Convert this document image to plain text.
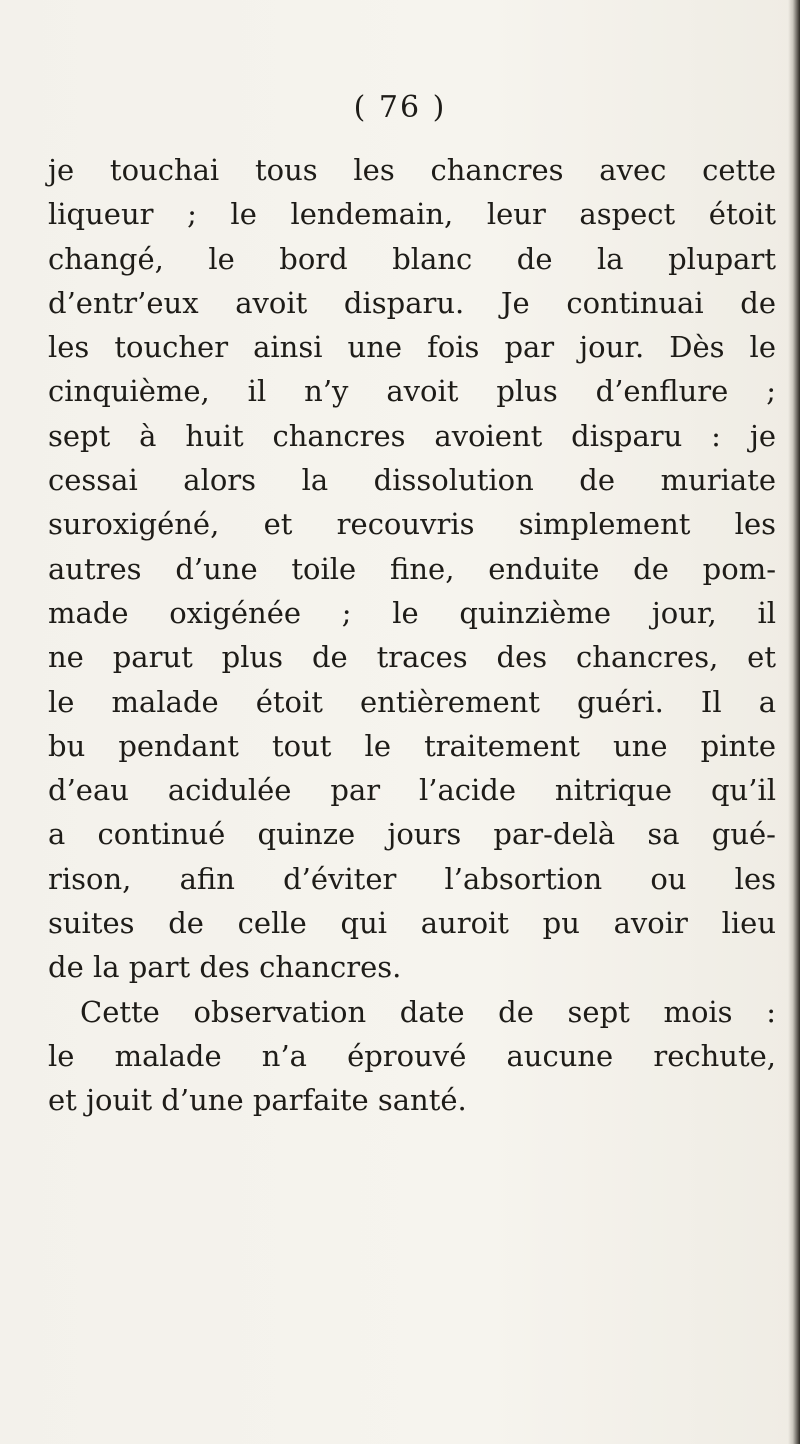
( 76 )
je touchai tous les chancres avec cette
liqueur ; le lendemain, leur aspect étoit
changé, le bord blanc de la plupart
d’entr’eux avoit disparu. Je continuai de
les toucher ainsi une fois par jour. Dès le
cinquième, il n’y avoit plus d’enflure ;
sept à huit chancres avoient disparu : je
cessai alors la dissolution de muriate
suroxigéné, et recouvris simplement les
autres d’une toile fine, enduite de pom-
made oxigénée ; le quinzième jour, il
ne parut plus de traces des chancres, et
le malade étoit entièrement guéri. Il a
bu pendant tout le traitement une pinte
d’eau acidulée par l’acide nitrique qu’il
a continué quinze jours par-delà sa gué-
rison, afin d’éviter l’absortion ou les
suites de celle qui auroit pu avoir lieu
de la part des chancres.
Cette observation date de sept mois :
le malade n’a éprouvé aucune rechute,
et jouit d’une parfaite santé.
